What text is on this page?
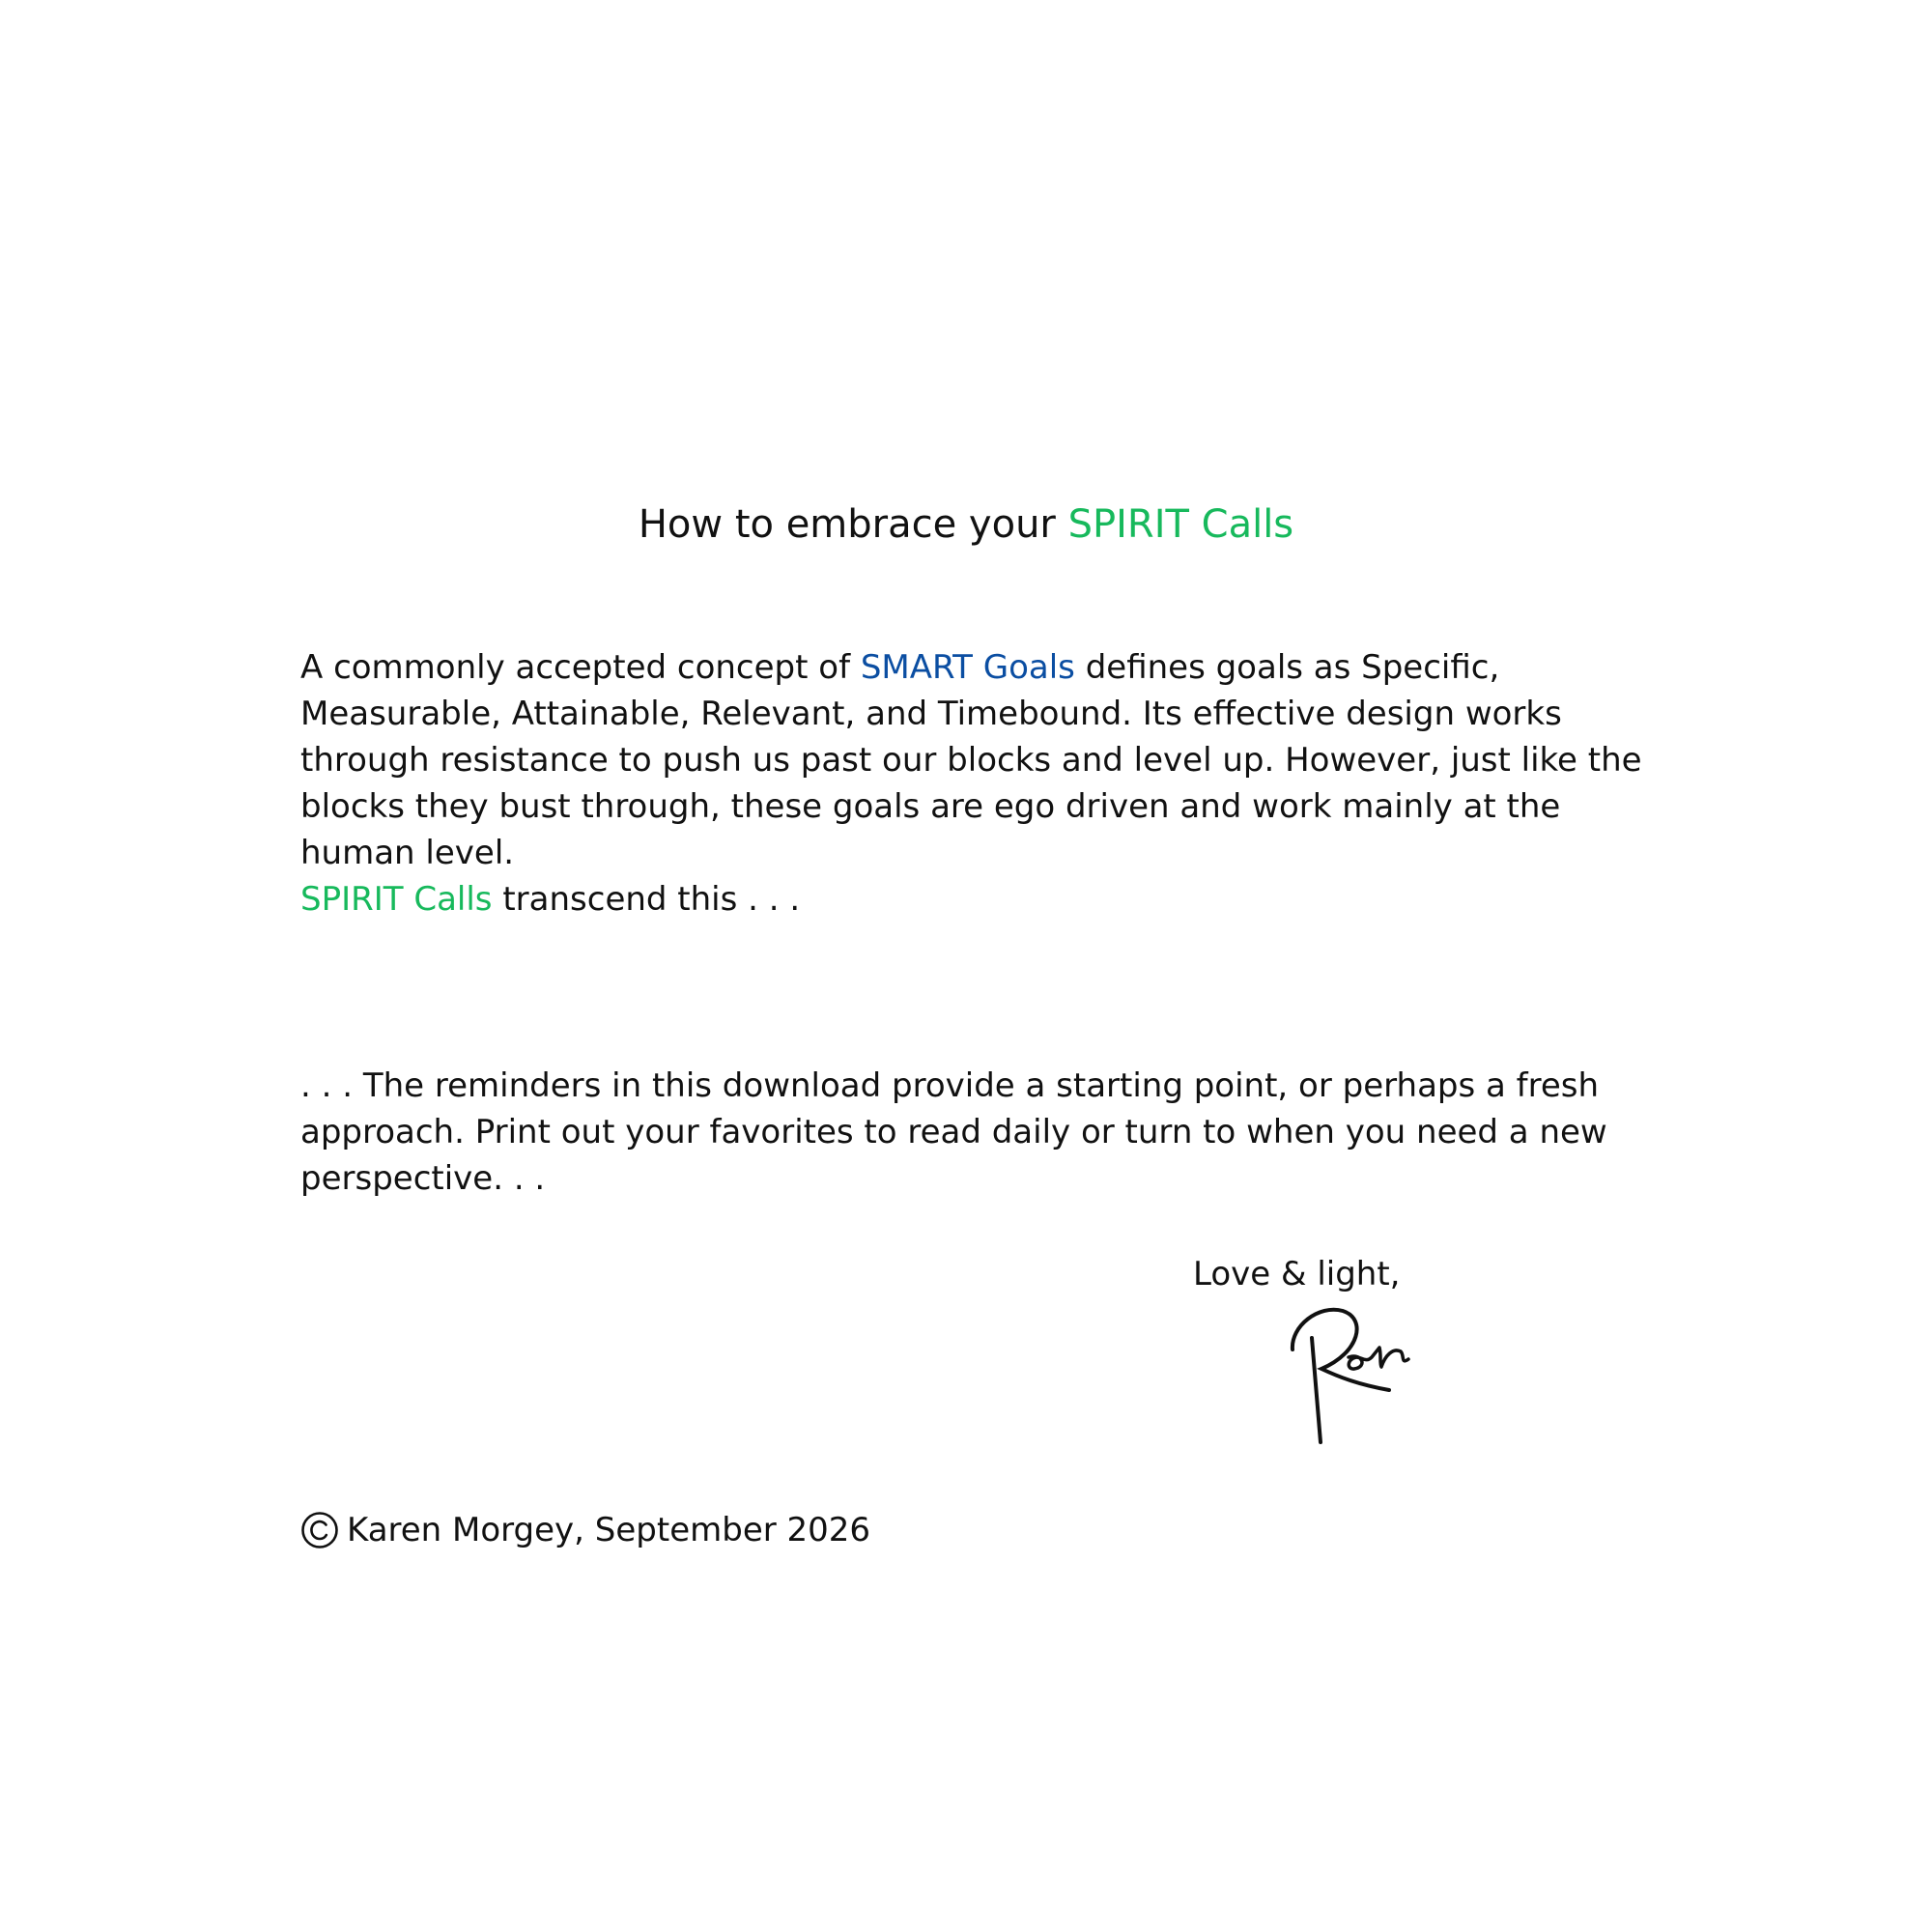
How to embrace your SPIRIT Calls

A commonly accepted concept of SMART Goals defines goals as Specific, Measurable, Attainable, Relevant, and Timebound. Its effective design works through resistance to push us past our blocks and level up. However, just like the blocks they bust through, these goals are ego driven and work mainly at the human level.

SPIRIT Calls transcend this . . .

. . . The reminders in this download provide a starting point, or perhaps a fresh approach. Print out your favorites to read daily or turn to when you need a new perspective. . .

Love & light,
Karen Morgey, September 2026
